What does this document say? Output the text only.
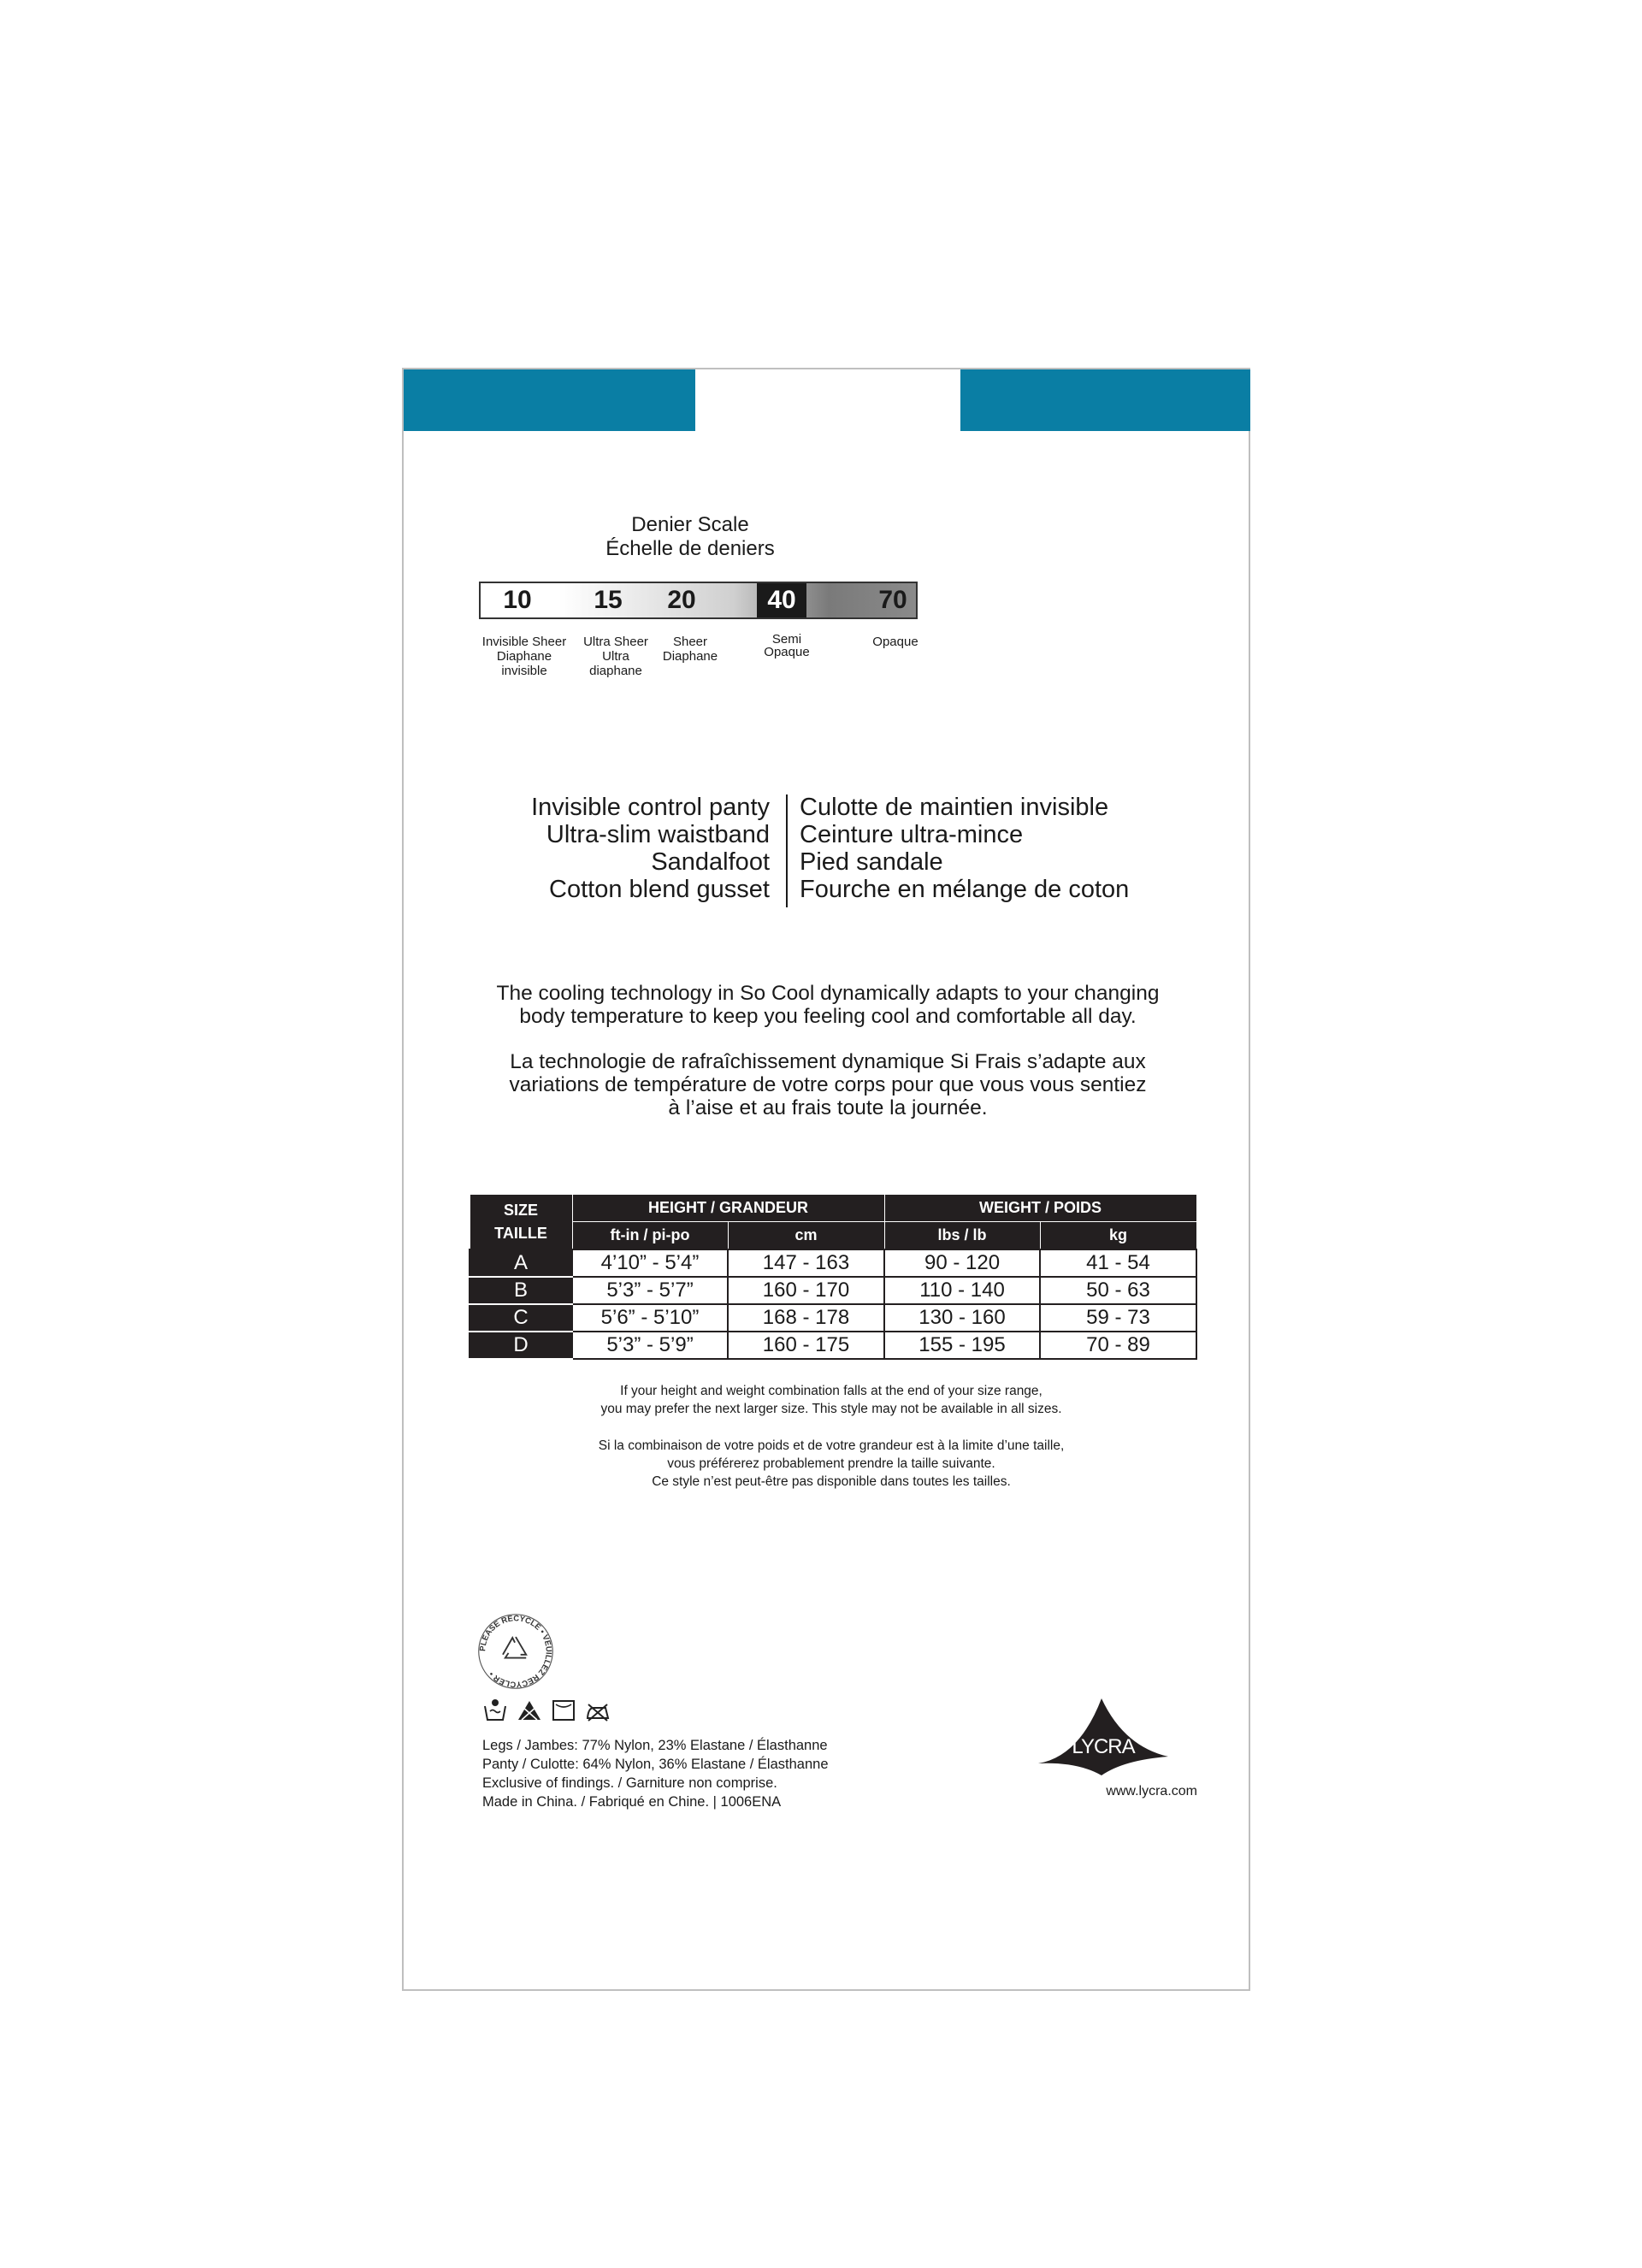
Denier Scale
Échelle de deniers
10 15 20	40	70
Invisible Sheer
Diaphane
invisible
Ultra Sheer
Ultra
diaphane
Sheer
Diaphane
Semi
Opaque
Opaque
Invisible control panty
Ultra-slim waistband
Sandalfoot
Cotton blend gusset
Culotte de maintien invisible
Ceinture ultra-mince
Pied sandale
Fourche en mélange de coton
The cooling technology in So Cool dynamically adapts to your changing
body temperature to keep you feeling cool and comfortable all day.
La technologie de rafraîchissement dynamique Si Frais s’adapte aux
variations de température de votre corps pour que vous vous sentiez
à l’aise et au frais toute la journée.
SIZE
TAILLE	HEIGHT / GRANDEUR		WEIGHT / POIDS	
	ft-in / pi-po	cm	lbs / lb	kg
A	4’10” - 5’4”	147 - 163	90 - 120	41 - 54
B	5’3” - 5’7”	160 - 170	110 - 140	50 - 63
C	5’6” - 5’10”	168 - 178	130 - 160	59 - 73
D	5’3” - 5’9”	160 - 175	155 - 195	70 - 89
If your height and weight combination falls at the end of your size range,
you may prefer the next larger size. This style may not be available in all sizes.
Si la combinaison de votre poids et de votre grandeur est à la limite d’une taille,
vous préférerez probablement prendre la taille suivante.
Ce style n’est peut-être pas disponible dans toutes les tailles.
PLEASE RECYCLE • VEUILLEZ RECYCLER •
Legs / Jambes: 77% Nylon, 23% Elastane / Élasthanne
Panty / Culotte: 64% Nylon, 36% Elastane / Élasthanne
Exclusive of findings. / Garniture non comprise.
Made in China. / Fabriqué en Chine. | 1006ENA
LYCRA
www.lycra.com
